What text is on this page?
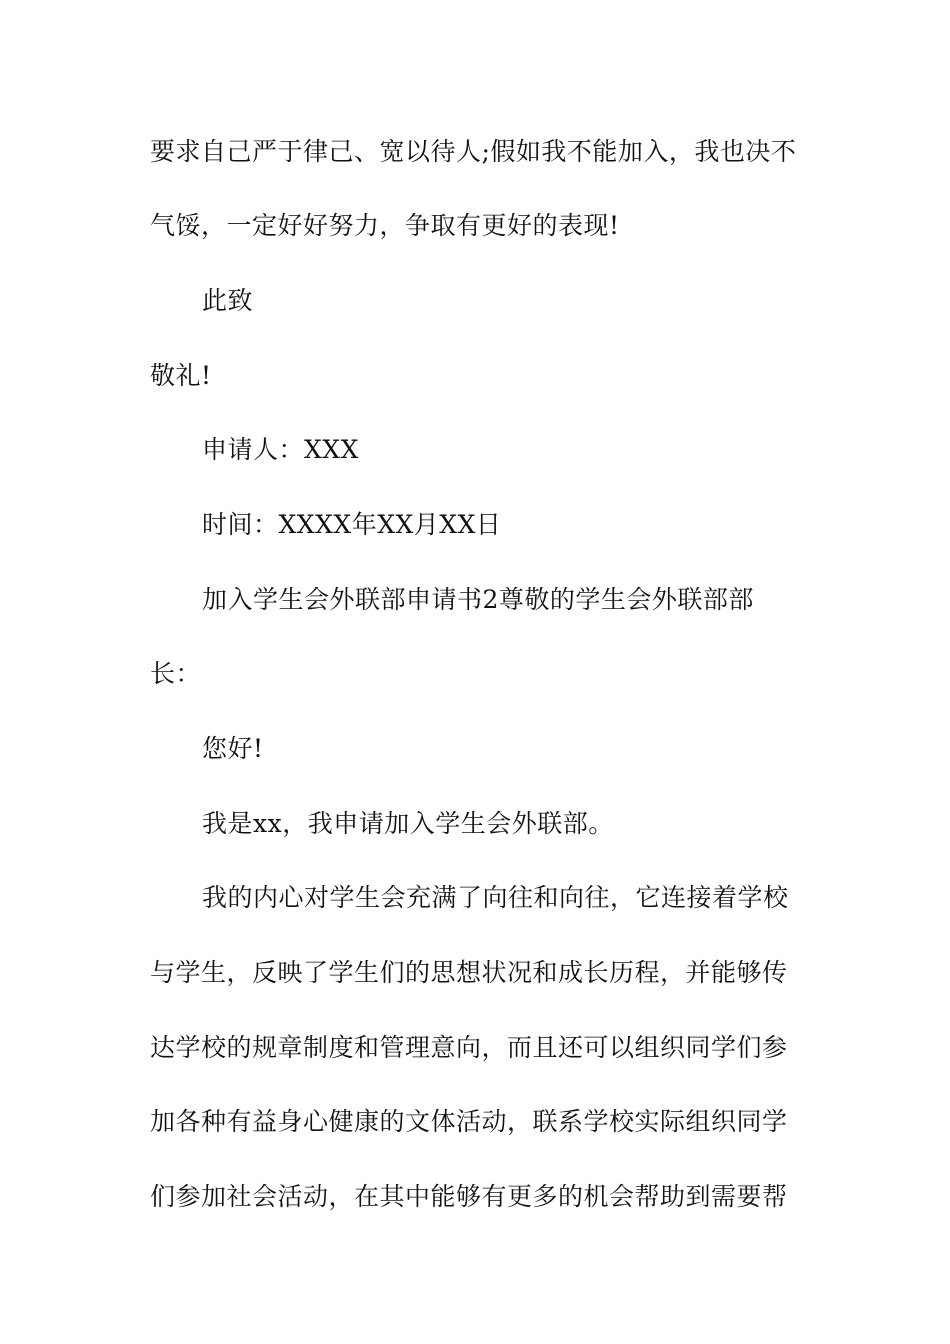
要求自己严于律己、宽以待人;假如我不能加入，我也决不
气馁，一定好好努力，争取有更好的表现!
此致
敬礼!
申请人：XXX
时间：XXXX年XX月XX日
加入学生会外联部申请书2尊敬的学生会外联部部
长：
您好!
我是xx，我申请加入学生会外联部。
我的内心对学生会充满了向往和向往，它连接着学校
与学生，反映了学生们的思想状况和成长历程，并能够传
达学校的规章制度和管理意向，而且还可以组织同学们参
加各种有益身心健康的文体活动，联系学校实际组织同学
们参加社会活动，在其中能够有更多的机会帮助到需要帮
